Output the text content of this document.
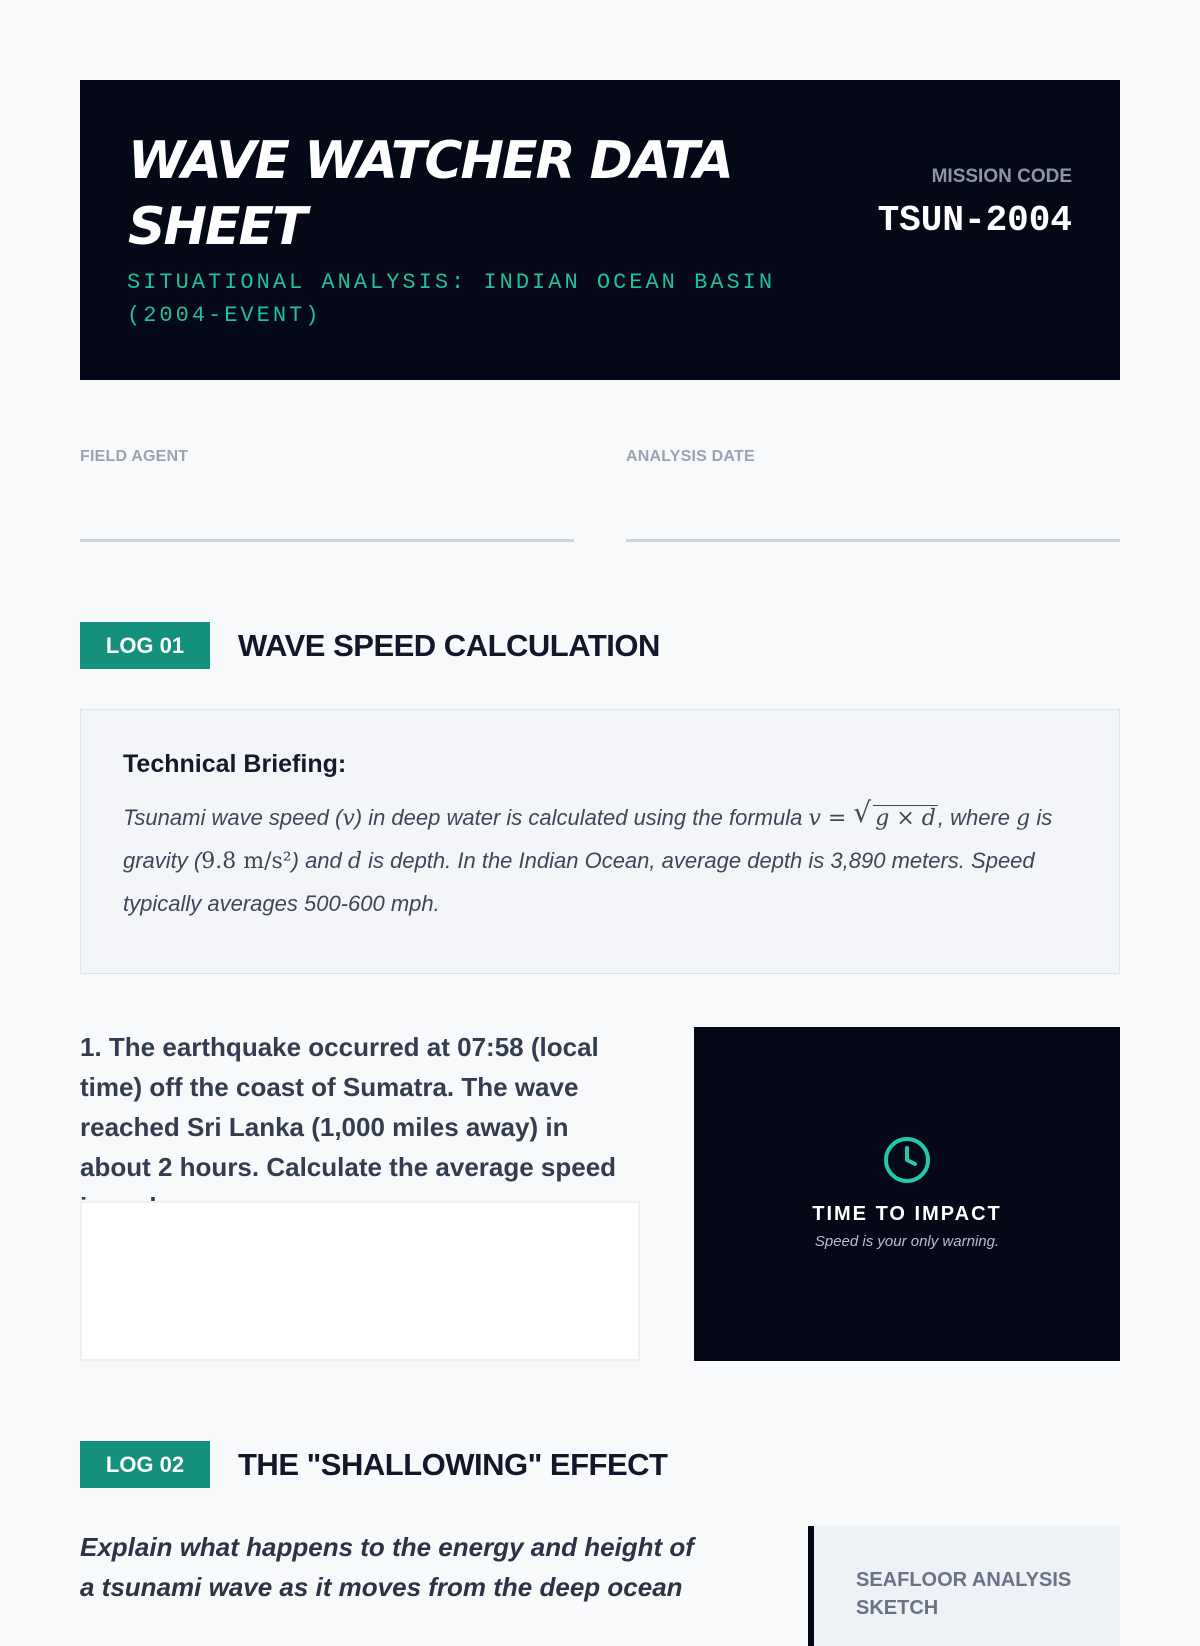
WAVE WATCHER DATA SHEET
SITUATIONAL ANALYSIS: INDIAN OCEAN BASIN (2004-EVENT)
MISSION CODE
TSUN-2004
FIELD AGENT	ANALYSIS DATE
LOG 01	WAVE SPEED CALCULATION
Technical Briefing:
Tsunami wave speed (v) in deep water is calculated using the formula v = √ g × d, where g is gravity (9.8 m/s²) and d is depth. In the Indian Ocean, average depth is 3,890 meters. Speed typically averages 500-600 mph.
1. The earthquake occurred at 07:58 (local time) off the coast of Sumatra. The wave reached Sri Lanka (1,000 miles away) in about 2 hours. Calculate the average speed
TIME TO IMPACT
Speed is your only warning.
LOG 02	THE "SHALLOWING" EFFECT
Explain what happens to the energy and height of a tsunami wave as it moves from the deep ocean	SEAFLOOR ANALYSIS SKETCH
